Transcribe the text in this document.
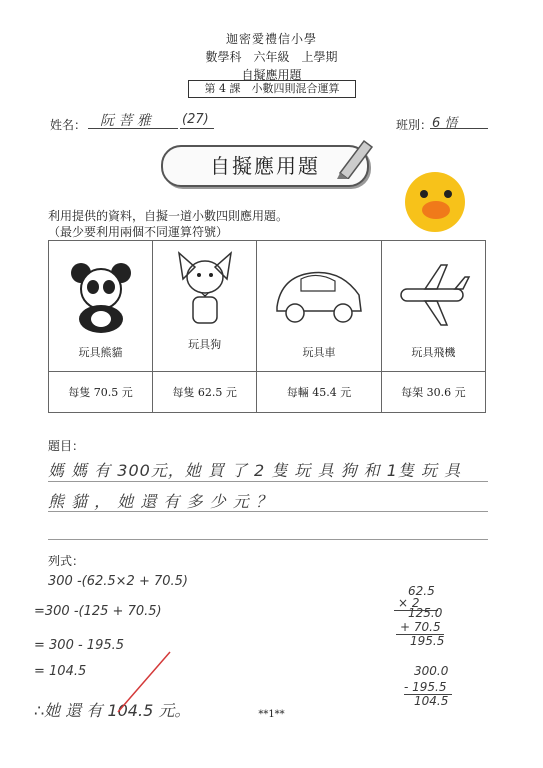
迦密愛禮信小學
數學科　六年級　上學期
自擬應用題
第 4 課　小數四則混合運算
姓名： 阮 菩 雅 (27)	班別： 6 悟
自擬應用題
利用提供的資料，自擬一道小數四則應用題。
（最少要利用兩個不同運算符號）
玩具熊貓	玩具狗	玩具車	玩具飛機

每隻 70.5 元	每隻 62.5 元	每輛 45.4 元	每架 30.6 元
題目：
媽 媽 有 300元，她 買 了 2 隻 玩 具 狗 和 1隻 玩 具
熊 貓 ， 她 還 有 多 少 元 ？
列式：
300 -(62.5×2 + 70.5)
=300 -(125 + 70.5)
= 300 - 195.5
= 104.5
∴她 還 有 104.5 元。
62.5
× 2
125.0
+ 70.5
195.5
300.0
- 195.5
104.5
**1**
